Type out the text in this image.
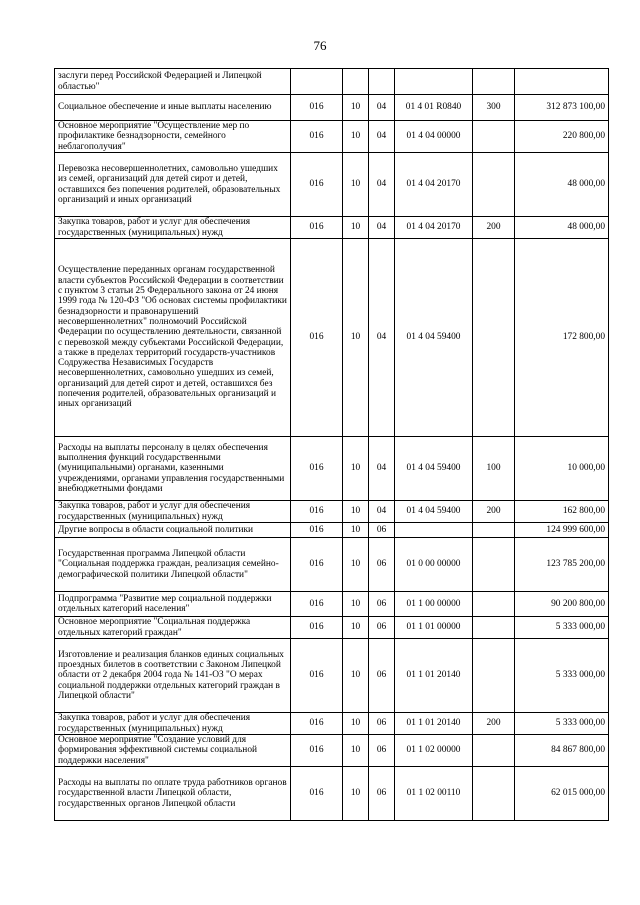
76
заслуги перед Российской Федерацией и Липецкой областью"						
Социальное обеспечение и иные выплаты населению	016	10	04	01 4 01 R0840	300	312 873 100,00
Основное мероприятие "Осуществление мер по профилактике безнадзорности, семейного неблагополучия"	016	10	04	01 4 04 00000		220 800,00
Перевозка несовершеннолетних, самовольно ушедших из семей, организаций для детей сирот и детей, оставшихся без попечения родителей, образовательных организаций и иных организаций	016	10	04	01 4 04 20170		48 000,00
Закупка товаров, работ и услуг для обеспечения государственных (муниципальных) нужд	016	10	04	01 4 04 20170	200	48 000,00
Осуществление переданных органам государственной власти субъектов Российской Федерации в соответствии с пунктом 3 статьи 25 Федерального закона от 24 июня 1999 года № 120-ФЗ "Об основах системы профилактики безнадзорности и правонарушений несовершеннолетних" полномочий Российской Федерации по осуществлению деятельности, связанной с перевозкой между субъектами Российской Федерации, а также в пределах территорий государств-участников Содружества Независимых Государств несовершеннолетних, самовольно ушедших из семей, организаций для детей сирот и детей, оставшихся без попечения родителей, образовательных организаций и иных организаций	016	10	04	01 4 04 59400		172 800,00
Расходы на выплаты персоналу в целях обеспечения выполнения функций государственными (муниципальными) органами, казенными учреждениями, органами управления государственными внебюджетными фондами	016	10	04	01 4 04 59400	100	10 000,00
Закупка товаров, работ и услуг для обеспечения государственных (муниципальных) нужд	016	10	04	01 4 04 59400	200	162 800,00
Другие вопросы в области социальной политики	016	10	06			124 999 600,00
Государственная программа Липецкой области "Социальная поддержка граждан, реализация семейно-демографической политики Липецкой области"	016	10	06	01 0 00 00000		123 785 200,00
Подпрограмма "Развитие мер социальной поддержки отдельных категорий населения"	016	10	06	01 1 00 00000		90 200 800,00
Основное мероприятие "Социальная поддержка отдельных категорий граждан"	016	10	06	01 1 01 00000		5 333 000,00
Изготовление и реализация бланков единых социальных проездных билетов в соответствии с Законом Липецкой области от 2 декабря 2004 года № 141-ОЗ "О мерах социальной поддержки отдельных категорий граждан в Липецкой области"	016	10	06	01 1 01 20140		5 333 000,00
Закупка товаров, работ и услуг для обеспечения государственных (муниципальных) нужд	016	10	06	01 1 01 20140	200	5 333 000,00
Основное мероприятие "Создание условий для формирования эффективной системы социальной поддержки населения"	016	10	06	01 1 02 00000		84 867 800,00
Расходы на выплаты по оплате труда работников органов государственной власти Липецкой области, государственных органов Липецкой области	016	10	06	01 1 02 00110		62 015 000,00
